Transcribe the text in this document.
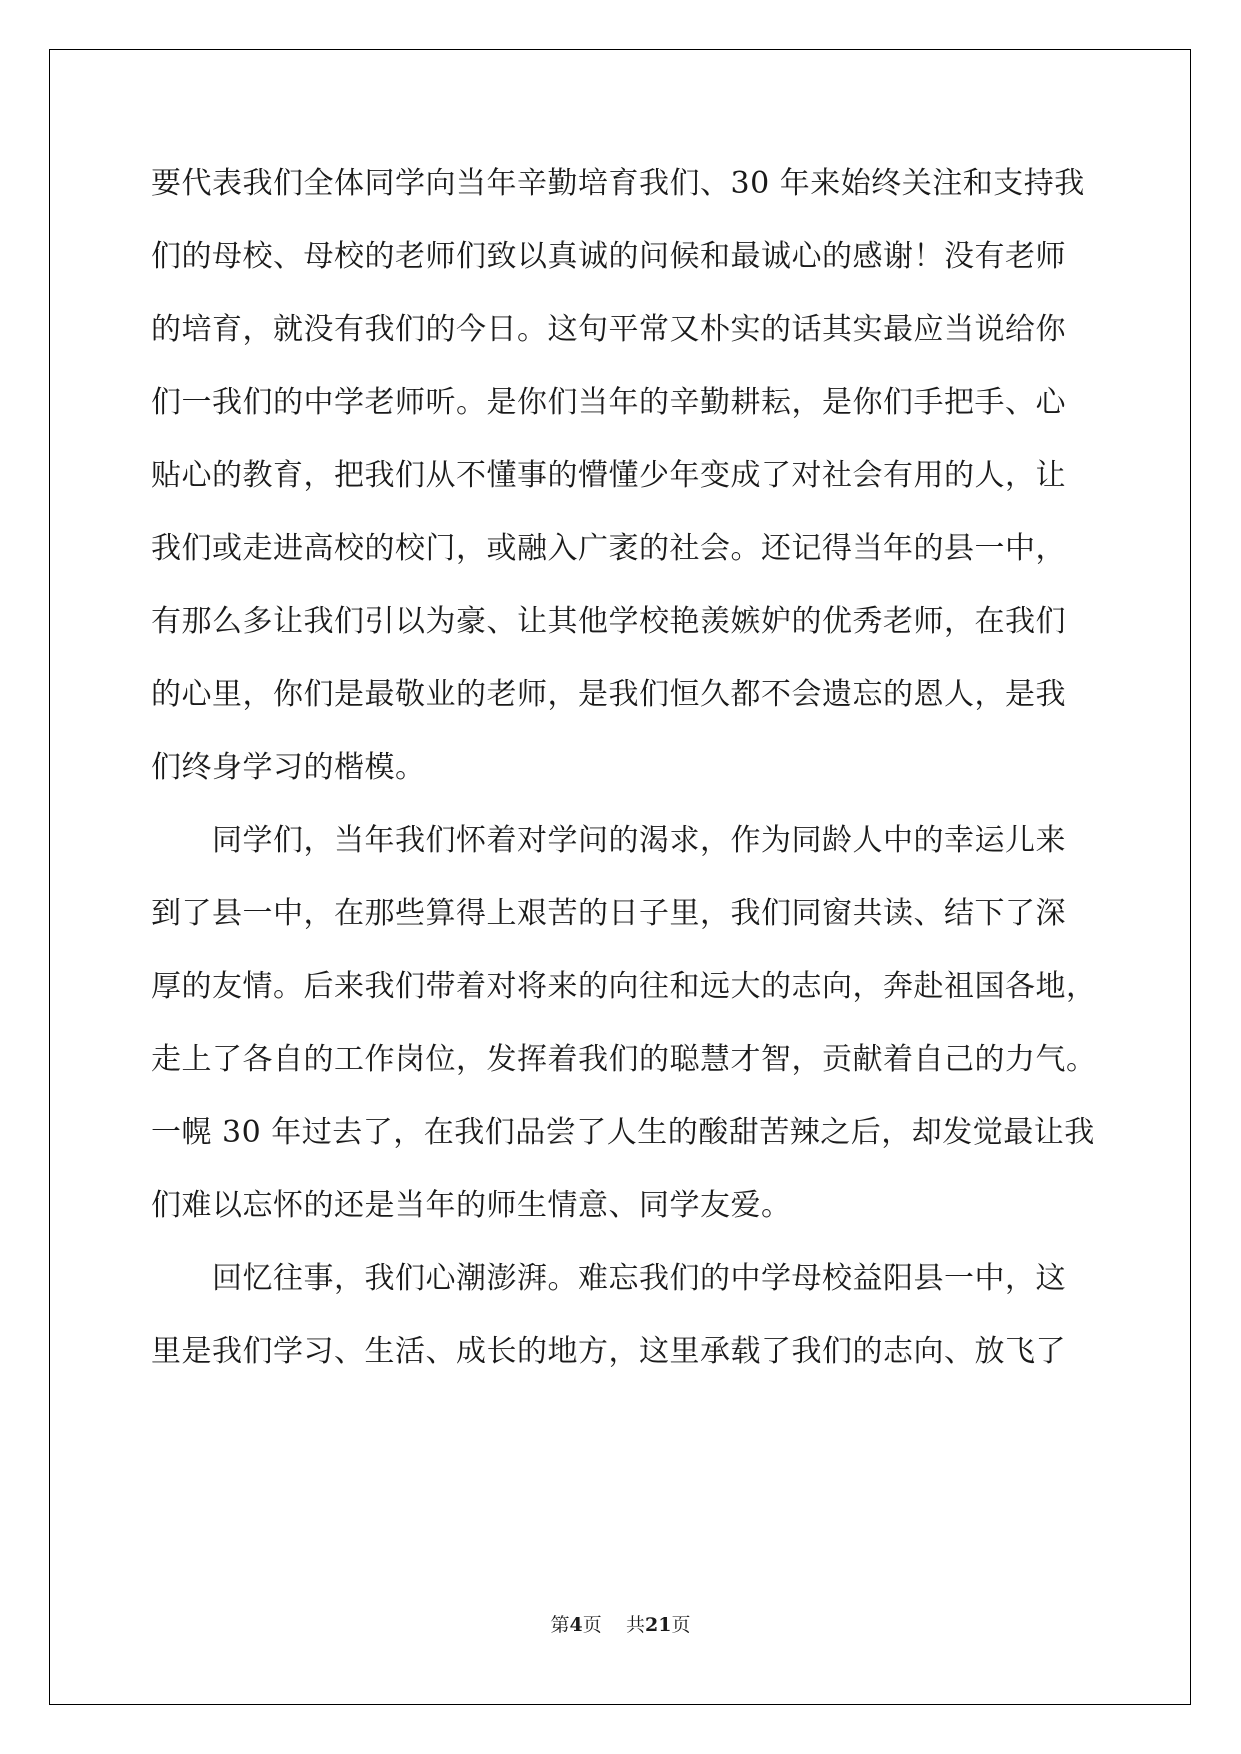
要代表我们全体同学向当年辛勤培育我们、30 年来始终关注和支持我
们的母校、母校的老师们致以真诚的问候和最诚心的感谢！没有老师
的培育，就没有我们的今日。这句平常又朴实的话其实最应当说给你
们一我们的中学老师听。是你们当年的辛勤耕耘，是你们手把手、心
贴心的教育，把我们从不懂事的懵懂少年变成了对社会有用的人，让
我们或走进高校的校门，或融入广袤的社会。还记得当年的县一中，
有那么多让我们引以为豪、让其他学校艳羡嫉妒的优秀老师，在我们
的心里，你们是最敬业的老师，是我们恒久都不会遗忘的恩人，是我
们终身学习的楷模。
　　同学们，当年我们怀着对学问的渴求，作为同龄人中的幸运儿来
到了县一中，在那些算得上艰苦的日子里，我们同窗共读、结下了深
厚的友情。后来我们带着对将来的向往和远大的志向，奔赴祖国各地，
走上了各自的工作岗位，发挥着我们的聪慧才智，贡献着自己的力气。
一幌 30 年过去了，在我们品尝了人生的酸甜苦辣之后，却发觉最让我
们难以忘怀的还是当年的师生情意、同学友爱。
　　回忆往事，我们心潮澎湃。难忘我们的中学母校益阳县一中，这
里是我们学习、生活、成长的地方，这里承载了我们的志向、放飞了
第4页 共21页
